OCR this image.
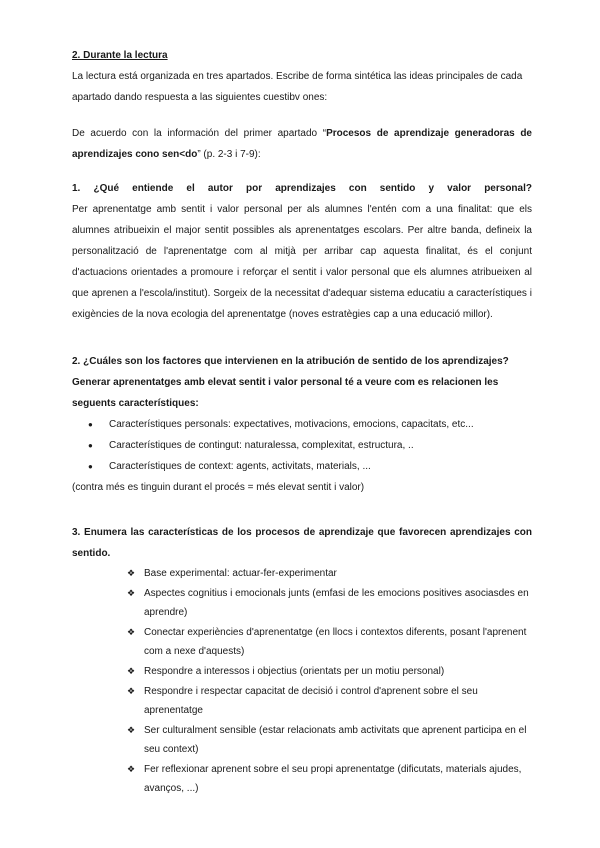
2. Durante la lectura
La lectura está organizada en tres apartados. Escribe de forma sintética las ideas principales de cada apartado dando respuesta a las siguientes cuestibv ones:
De acuerdo con la información del primer apartado “Procesos de aprendizaje generadoras de aprendizajes cono sen<do” (p. 2-3 i 7-9):
1. ¿Qué entiende el autor por aprendizajes con sentido y valor personal?
Per aprenentatge amb sentit i valor personal per als alumnes l'entén com a una finalitat: que els alumnes atribueixin el major sentit possibles als aprenentatges escolars. Per altre banda, defineix la personalització de l'aprenentatge com al mitjà per arribar cap aquesta finalitat, és el conjunt d'actuacions orientades a promoure i reforçar el sentit i valor personal que els alumnes atribueixen al que aprenen a l'escola/institut). Sorgeix de la necessitat d'adequar sistema educatiu a característiques i exigències de la nova ecologia del aprenentatge (noves estratègies cap a una educació millor).
2. ¿Cuáles son los factores que intervienen en la atribución de sentido de los aprendizajes?
Generar aprenentatges amb elevat sentit i valor personal té a veure com es relacionen les seguents característiques:
● Característiques personals: expectatives, motivacions, emocions, capacitats, etc...
● Característiques de contingut: naturalessa, complexitat, estructura, ..
● Característiques de context: agents, activitats, materials, ...
(contra més es tinguin durant el procés = més elevat sentit i valor)
3. Enumera las características de los procesos de aprendizaje que favorecen aprendizajes con sentido.
❖ Base experimental: actuar-fer-experimentar
❖ Aspectes cognitius i emocionals junts (emfasi de les emocions positives asociasdes en aprendre)
❖ Conectar experiències d'aprenentatge (en llocs i contextos diferents, posant l'aprenent com a nexe d'aquests)
❖ Respondre a interessos i objectius (orientats per un motiu personal)
❖ Respondre i respectar capacitat de decisió i control d'aprenent sobre el seu aprenentatge
❖ Ser culturalment sensible (estar relacionats amb activitats que aprenent participa en el seu context)
❖ Fer reflexionar aprenent sobre el seu propi aprenentatge (dificutats, materials ajudes, avanços, ...)
